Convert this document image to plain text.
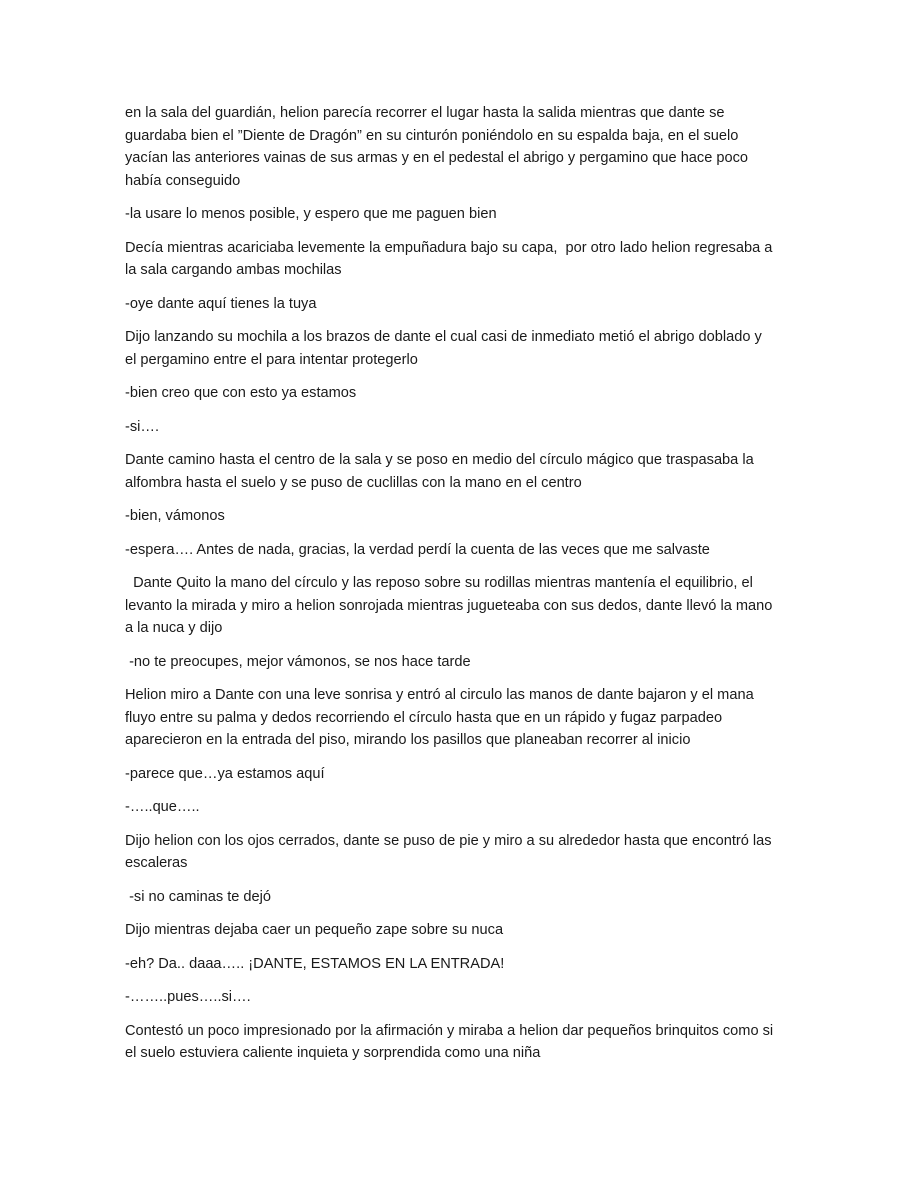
en la sala del guardián, helion parecía recorrer el lugar hasta la salida mientras que dante se guardaba bien el ”Diente de Dragón” en su cinturón poniéndolo en su espalda baja, en el suelo yacían las anteriores vainas de sus armas y en el pedestal el abrigo y pergamino que hace poco había conseguido

-la usare lo menos posible, y espero que me paguen bien

Decía mientras acariciaba levemente la empuñadura bajo su capa,  por otro lado helion regresaba a la sala cargando ambas mochilas

-oye dante aquí tienes la tuya

Dijo lanzando su mochila a los brazos de dante el cual casi de inmediato metió el abrigo doblado y el pergamino entre el para intentar protegerlo

-bien creo que con esto ya estamos

-si….

Dante camino hasta el centro de la sala y se poso en medio del círculo mágico que traspasaba la alfombra hasta el suelo y se puso de cuclillas con la mano en el centro

-bien, vámonos

-espera…. Antes de nada, gracias, la verdad perdí la cuenta de las veces que me salvaste

Dante Quito la mano del círculo y las reposo sobre su rodillas mientras mantenía el equilibrio, el levanto la mirada y miro a helion sonrojada mientras jugueteaba con sus dedos, dante llevó la mano a la nuca y dijo

-no te preocupes, mejor vámonos, se nos hace tarde

Helion miro a Dante con una leve sonrisa y entró al circulo las manos de dante bajaron y el mana fluyo entre su palma y dedos recorriendo el círculo hasta que en un rápido y fugaz parpadeo aparecieron en la entrada del piso, mirando los pasillos que planeaban recorrer al inicio

-parece que…ya estamos aquí

-…..que…..

Dijo helion con los ojos cerrados, dante se puso de pie y miro a su alrededor hasta que encontró las escaleras

-si no caminas te dejó

Dijo mientras dejaba caer un pequeño zape sobre su nuca

-eh? Da.. daaa….. ¡DANTE, ESTAMOS EN LA ENTRADA!

-……..pues…..si….

Contestó un poco impresionado por la afirmación y miraba a helion dar pequeños brinquitos como si el suelo estuviera caliente inquieta y sorprendida como una niña
